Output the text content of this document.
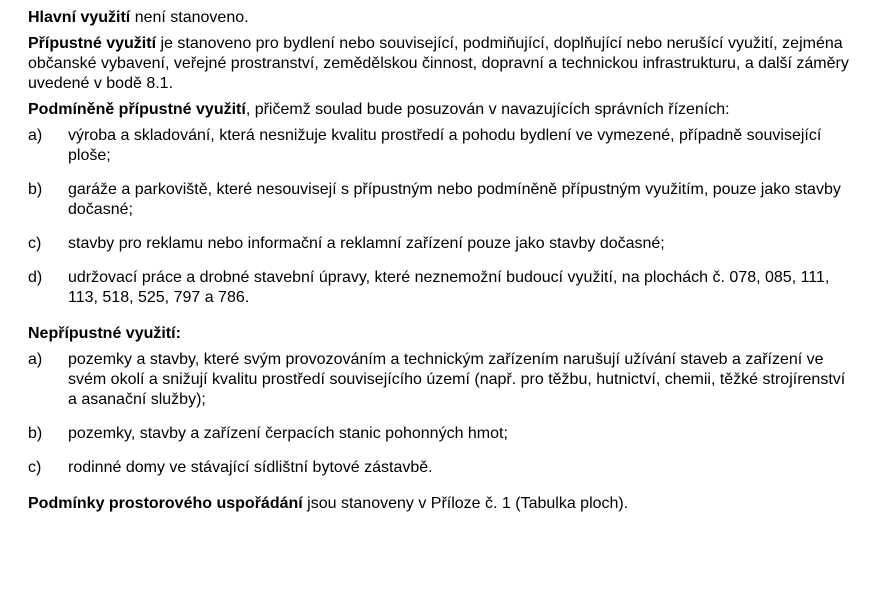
Hlavní využití není stanoveno.

Přípustné využití je stanoveno pro bydlení nebo související, podmiňující, doplňující nebo nerušící využití, zejména občanské vybavení, veřejné prostranství, zemědělskou činnost, dopravní a technickou infrastrukturu, a další záměry uvedené v bodě 8.1.

Podmíněně přípustné využití, přičemž soulad bude posuzován v navazujících správních řízeních:

a)	výroba a skladování, která nesnižuje kvalitu prostředí a pohodu bydlení ve vymezené, případně související ploše;
b)	garáže a parkoviště, které nesouvisejí s přípustným nebo podmíněně přípustným využitím, pouze jako stavby dočasné;
c)	stavby pro reklamu nebo informační a reklamní zařízení pouze jako stavby dočasné;
d)	udržovací práce a drobné stavební úpravy, které neznemožní budoucí využití, na plochách č. 078, 085, 111, 113, 518, 525, 797 a 786.

Nepřípustné využití:

a)	pozemky a stavby, které svým provozováním a technickým zařízením narušují užívání staveb a zařízení ve svém okolí a snižují kvalitu prostředí souvisejícího území (např. pro těžbu, hutnictví, chemii, těžké strojírenství a asanační služby);
b)	pozemky, stavby a zařízení čerpacích stanic pohonných hmot;
c)	rodinné domy ve stávající sídlištní bytové zástavbě.

Podmínky prostorového uspořádání jsou stanoveny v Příloze č. 1 (Tabulka ploch).
